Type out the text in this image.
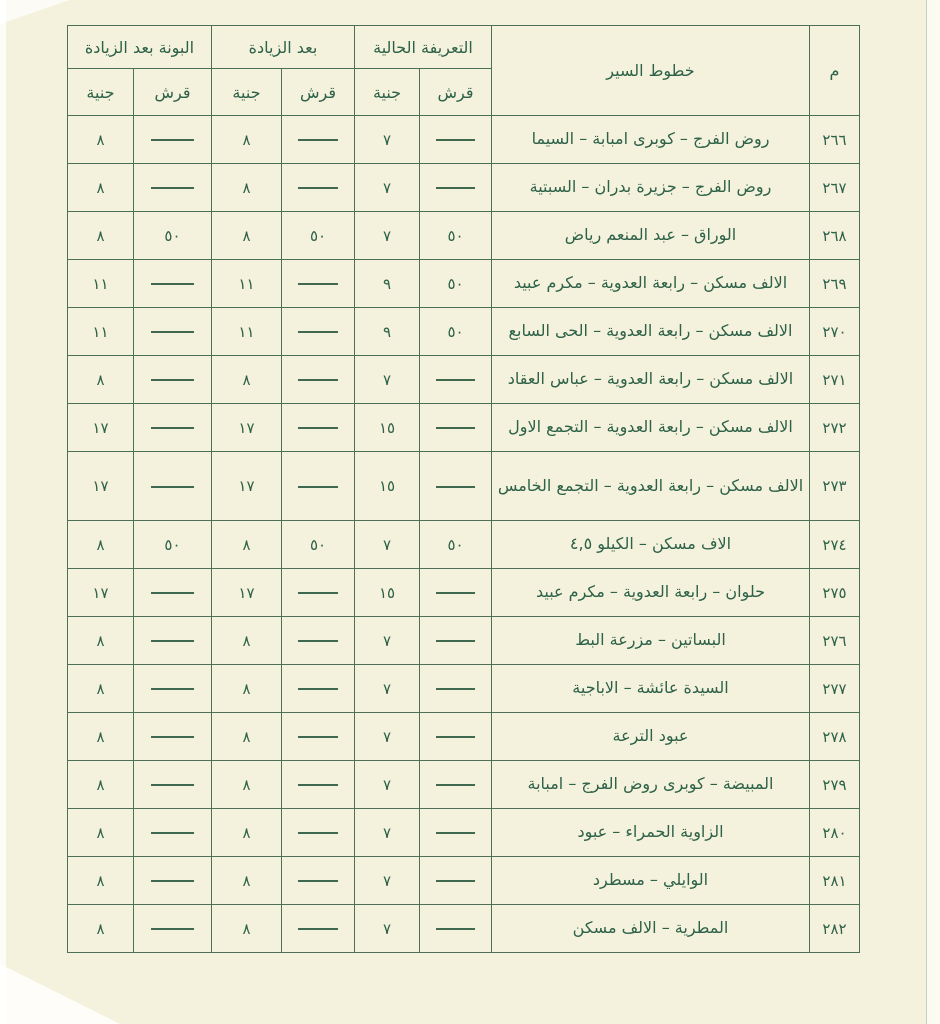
م	خطوط السير	التعريفة الحالية		بعد الزيادة		البونة بعد الزيادة	
		قرش	جنية	قرش	جنية	قرش	جنية
٢٦٦	روض الفرج – كوبرى امبابة – السيما		٧		٨		٨
٢٦٧	روض الفرج – جزيرة بدران – السبتية		٧		٨		٨
٢٦٨	الوراق – عبد المنعم رياض	٥٠	٧	٥٠	٨	٥٠	٨
٢٦٩	الالف مسكن – رابعة العدوية – مكرم عبيد	٥٠	٩		١١		١١
٢٧٠	الالف مسكن – رابعة العدوية – الحى السابع	٥٠	٩		١١		١١
٢٧١	الالف مسكن – رابعة العدوية – عباس العقاد		٧		٨		٨
٢٧٢	الالف مسكن – رابعة العدوية – التجمع الاول		١٥		١٧		١٧
٢٧٣	الالف مسكن – رابعة العدوية – التجمع الخامس		١٥		١٧		١٧
٢٧٤	الاف مسكن – الكيلو ٤,٥	٥٠	٧	٥٠	٨	٥٠	٨
٢٧٥	حلوان – رابعة العدوية – مكرم عبيد		١٥		١٧		١٧
٢٧٦	البساتين – مزرعة البط		٧		٨		٨
٢٧٧	السيدة عائشة – الاباجية		٧		٨		٨
٢٧٨	عبود الترعة		٧		٨		٨
٢٧٩	المبيضة – كوبرى روض الفرج – امبابة		٧		٨		٨
٢٨٠	الزاوية الحمراء – عبود		٧		٨		٨
٢٨١	الوايلي – مسطرد		٧		٨		٨
٢٨٢	المطرية – الالف مسكن		٧		٨		٨
